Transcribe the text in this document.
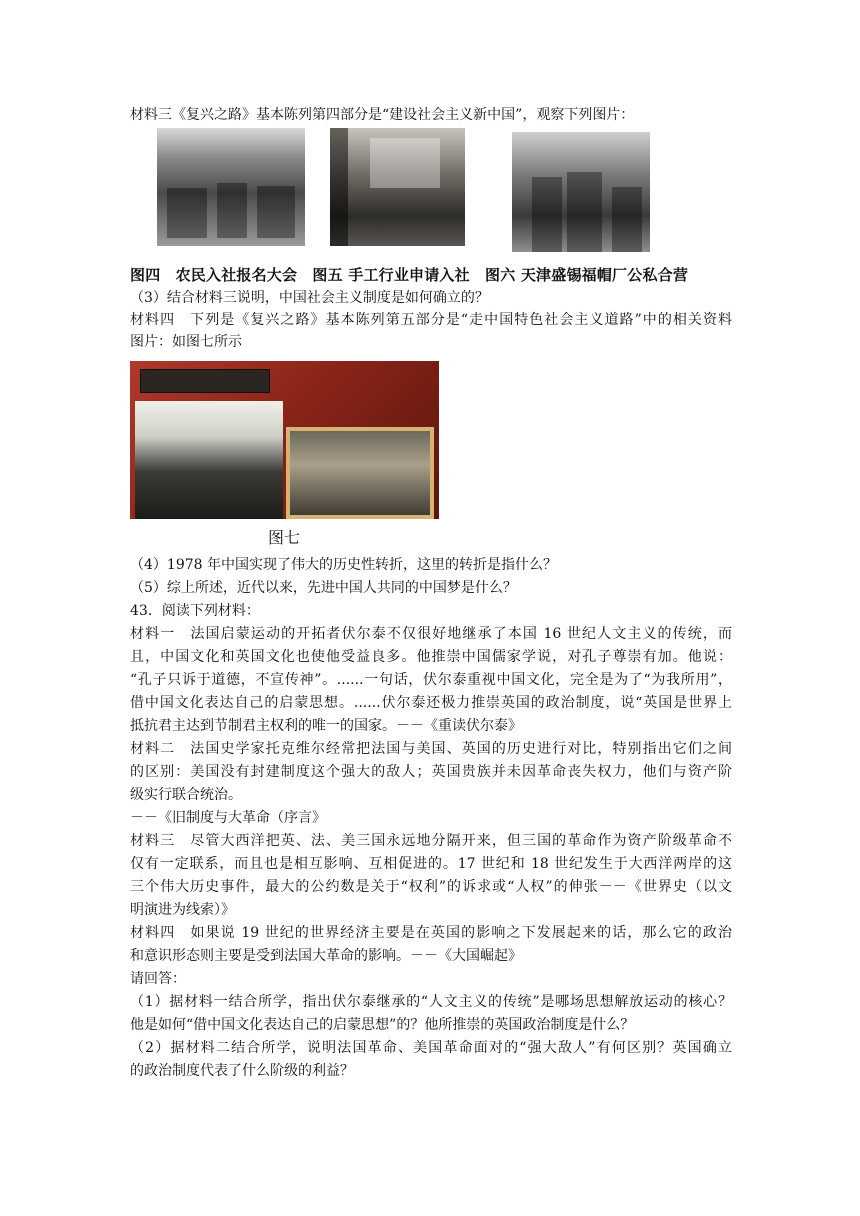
材料三《复兴之路》基本陈列第四部分是“建设社会主义新中国”，观察下列图片：
图四　农民入社报名大会　图五 手工行业申请入社　图六 天津盛锡福帽厂公私合营
（3）结合材料三说明，中国社会主义制度是如何确立的？
材料四　下列是《复兴之路》基本陈列第五部分是“走中国特色社会主义道路”中的相关资料
图片：如图七所示
图七
（4）1978 年中国实现了伟大的历史性转折，这里的转折是指什么？
（5）综上所述，近代以来，先进中国人共同的中国梦是什么？
43．阅读下列材料：
材料一　法国启蒙运动的开拓者伏尔泰不仅很好地继承了本国 16 世纪人文主义的传统，而
且，中国文化和英国文化也使他受益良多。他推崇中国儒家学说，对孔子尊崇有加。他说：
“孔子只诉于道德，不宣传神”。......一句话，伏尔泰重视中国文化，完全是为了“为我所用”，
借中国文化表达自己的启蒙思想。......伏尔泰还极力推崇英国的政治制度，说“英国是世界上
抵抗君主达到节制君主权利的唯一的国家。－－《重读伏尔泰》
材料二　法国史学家托克维尔经常把法国与美国、英国的历史进行对比，特别指出它们之间
的区别：美国没有封建制度这个强大的敌人；英国贵族并未因革命丧失权力，他们与资产阶
级实行联合统治。
－－《旧制度与大革命（序言》
材料三　尽管大西洋把英、法、美三国永远地分隔开来，但三国的革命作为资产阶级革命不
仅有一定联系，而且也是相互影响、互相促进的。17 世纪和 18 世纪发生于大西洋两岸的这
三个伟大历史事件，最大的公约数是关于“权利”的诉求或“人权”的伸张－－《世界史（以文
明演进为线索）》
材料四　如果说 19 世纪的世界经济主要是在英国的影响之下发展起来的话，那么它的政治
和意识形态则主要是受到法国大革命的影响。－－《大国崛起》
请回答：
（1）据材料一结合所学，指出伏尔泰继承的“人文主义的传统”是哪场思想解放运动的核心？
他是如何“借中国文化表达自己的启蒙思想”的？他所推崇的英国政治制度是什么？
（2）据材料二结合所学，说明法国革命、美国革命面对的“强大敌人”有何区别？英国确立
的政治制度代表了什么阶级的利益？
